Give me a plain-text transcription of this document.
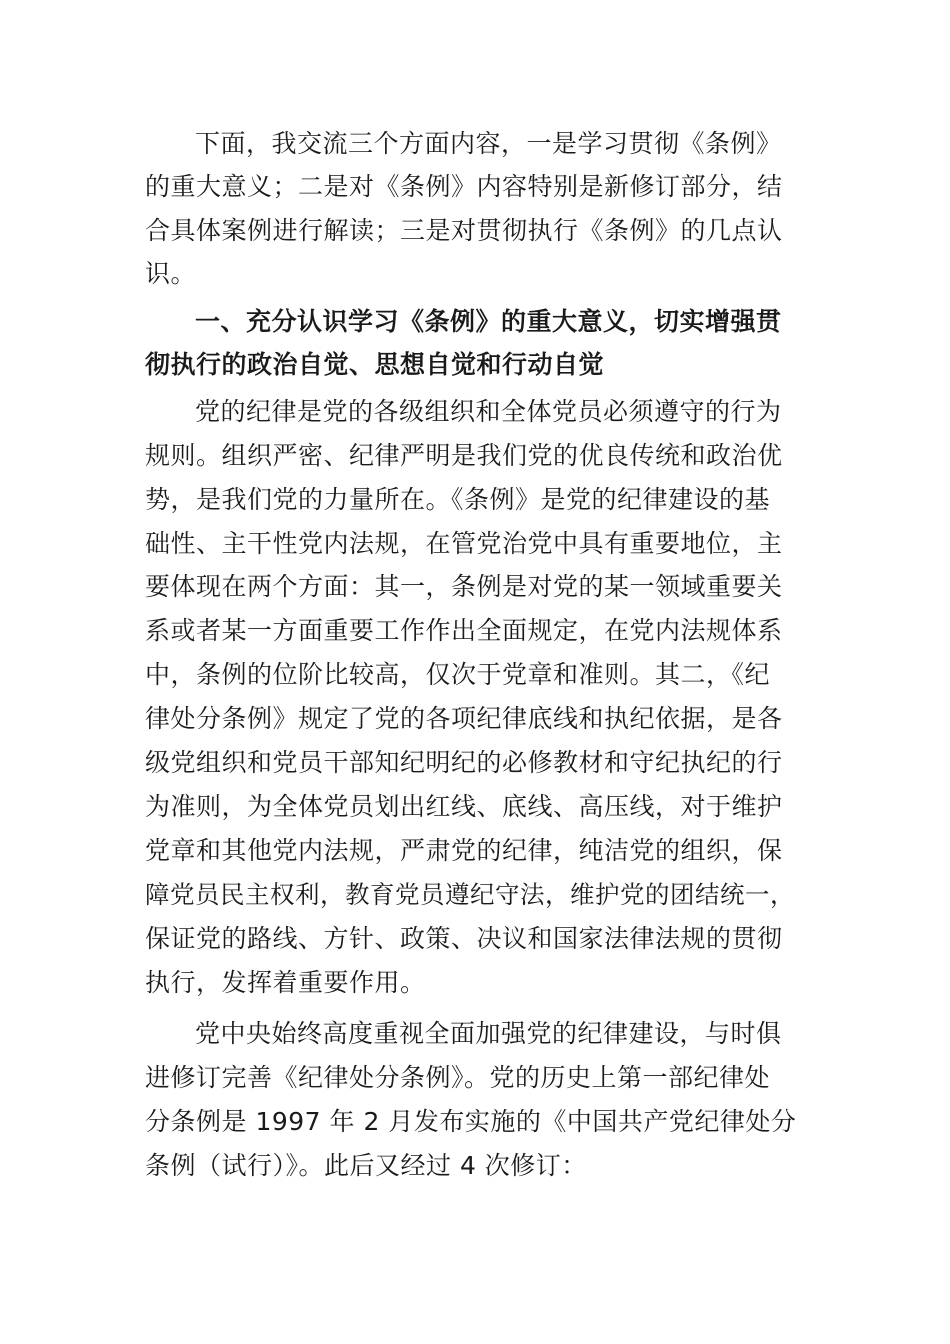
下面，我交流三个方面内容，一是学习贯彻《条例》
的重大意义；二是对《条例》内容特别是新修订部分，结
合具体案例进行解读；三是对贯彻执行《条例》的几点认
识。
一、充分认识学习《条例》的重大意义，切实增强贯
彻执行的政治自觉、思想自觉和行动自觉
党的纪律是党的各级组织和全体党员必须遵守的行为
规则。组织严密、纪律严明是我们党的优良传统和政治优
势，是我们党的力量所在。《条例》是党的纪律建设的基
础性、主干性党内法规，在管党治党中具有重要地位，主
要体现在两个方面：其一，条例是对党的某一领域重要关
系或者某一方面重要工作作出全面规定，在党内法规体系
中，条例的位阶比较高，仅次于党章和准则。其二，《纪
律处分条例》规定了党的各项纪律底线和执纪依据，是各
级党组织和党员干部知纪明纪的必修教材和守纪执纪的行
为准则，为全体党员划出红线、底线、高压线，对于维护
党章和其他党内法规，严肃党的纪律，纯洁党的组织，保
障党员民主权利，教育党员遵纪守法，维护党的团结统一，
保证党的路线、方针、政策、决议和国家法律法规的贯彻
执行，发挥着重要作用。
党中央始终高度重视全面加强党的纪律建设，与时俱
进修订完善《纪律处分条例》。党的历史上第一部纪律处
分条例是 1997 年 2 月发布实施的《中国共产党纪律处分
条例（试行）》。此后又经过 4 次修订：
